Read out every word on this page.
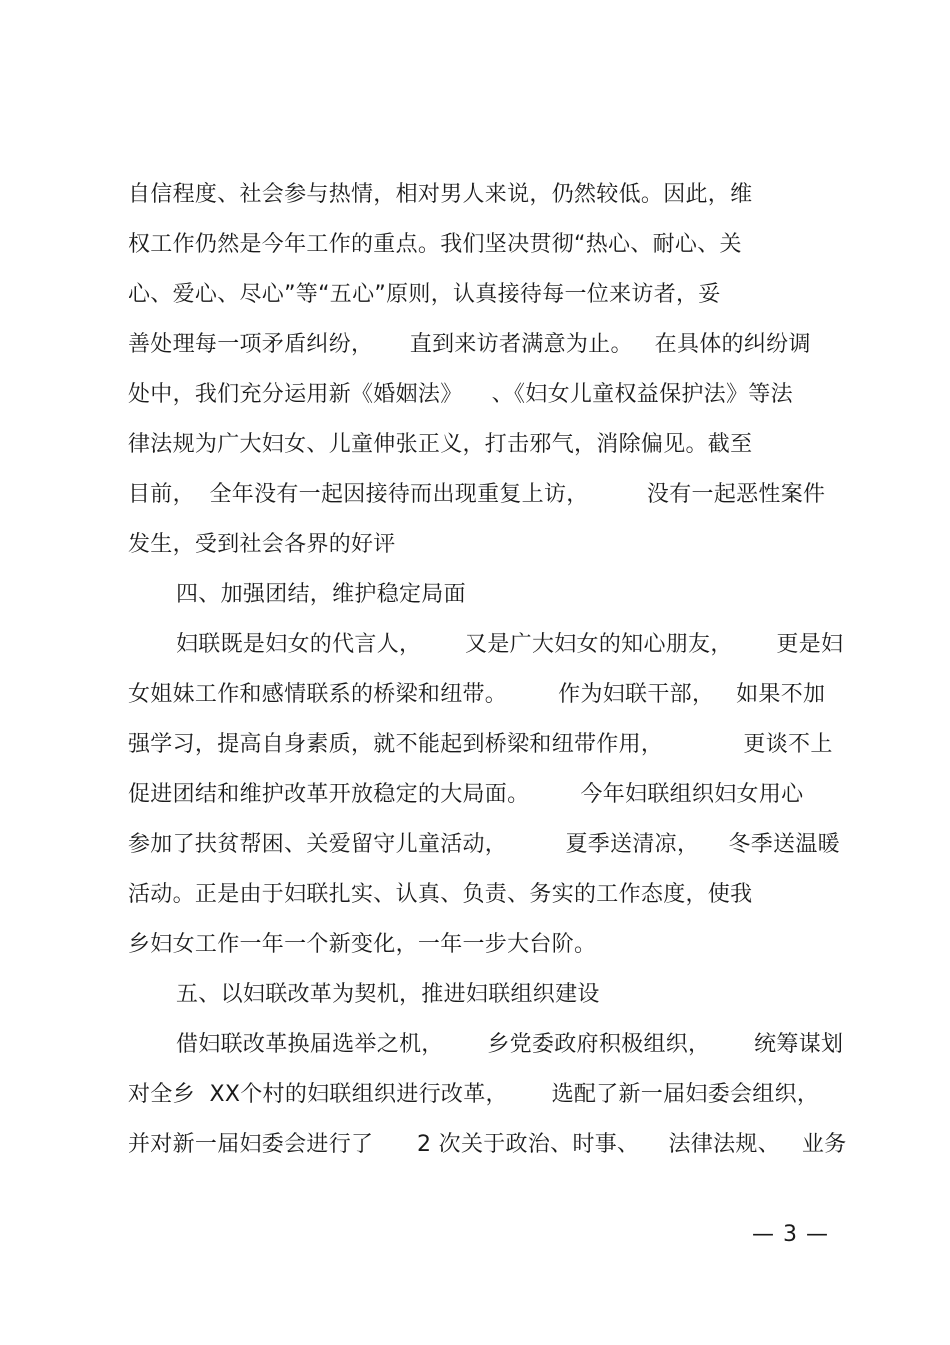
自信程度、社会参与热情，相对男人来说，仍然较低。因此，维
权工作仍然是今年工作的重点。我们坚决贯彻“热心、耐心、关
心、爱心、尽心”等“五心”原则，认真接待每一位来访者，妥
善处理每一项矛盾纠纷，     直到来访者满意为止。   在具体的纠纷调
处中，我们充分运用新《婚姻法》    、《妇女儿童权益保护法》等法
律法规为广大妇女、儿童伸张正义，打击邪气，消除偏见。截至
目前，  全年没有一起因接待而出现重复上访，        没有一起恶性案件
发生，受到社会各界的好评
四、加强团结，维护稳定局面
妇联既是妇女的代言人，      又是广大妇女的知心朋友，      更是妇
女姐妹工作和感情联系的桥梁和纽带。       作为妇联干部，   如果不加
强学习，提高自身素质，就不能起到桥梁和纽带作用，           更谈不上
促进团结和维护改革开放稳定的大局面。       今年妇联组织妇女用心
参加了扶贫帮困、关爱留守儿童活动，        夏季送清凉，    冬季送温暖
活动。正是由于妇联扎实、认真、负责、务实的工作态度，使我
乡妇女工作一年一个新变化，一年一步大台阶。
五、以妇联改革为契机，推进妇联组织建设
借妇联改革换届选举之机，      乡党委政府积极组织，      统筹谋划
对全乡  XX个村的妇联组织进行改革，      选配了新一届妇委会组织，
并对新一届妇委会进行了      2 次关于政治、时事、    法律法规、   业务
— 3 —
